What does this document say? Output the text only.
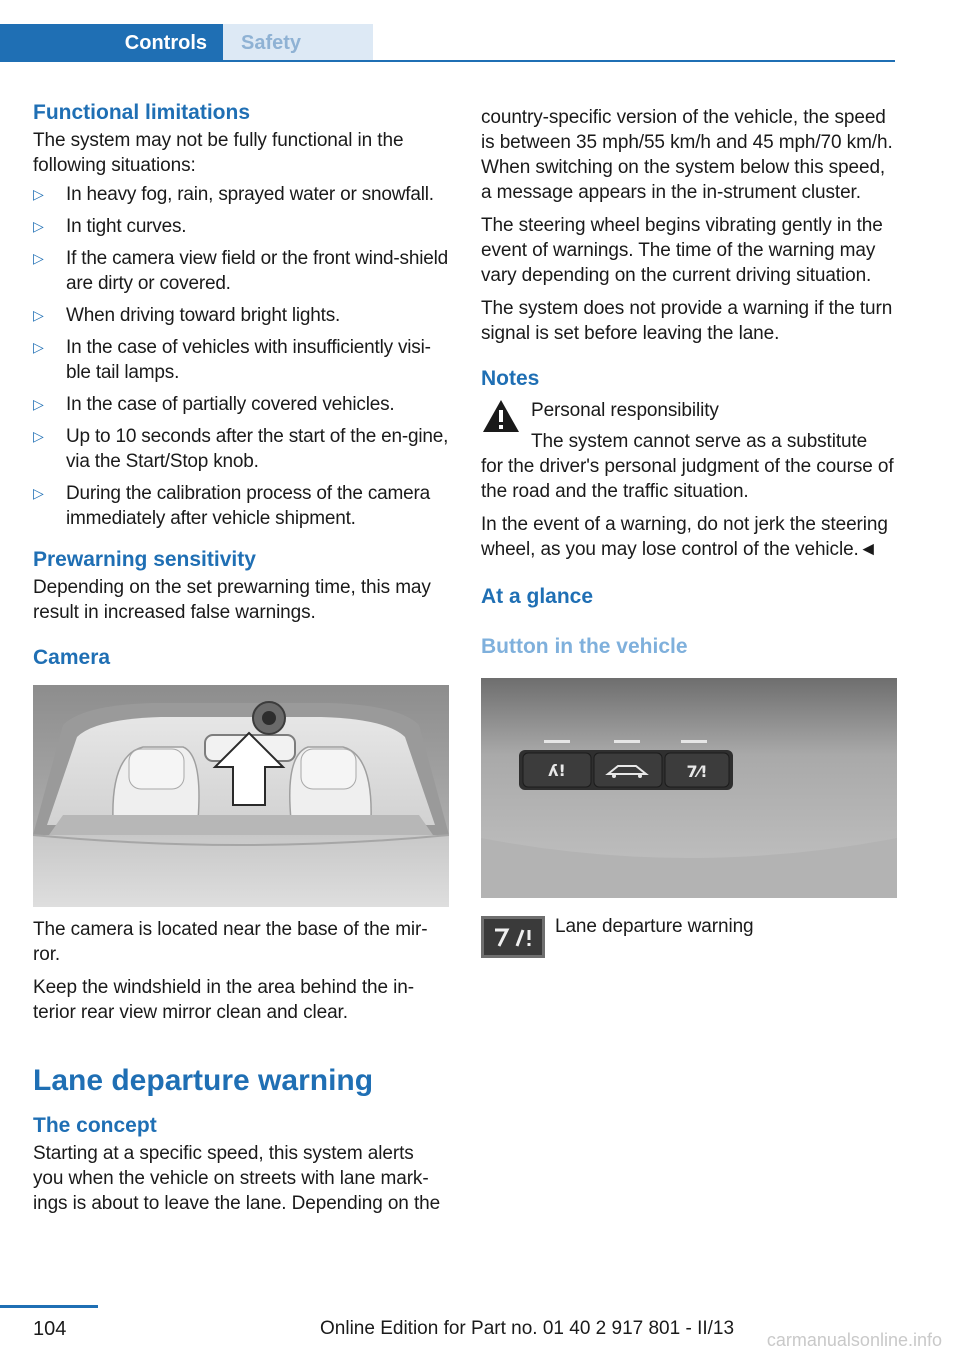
Controls	Safety
Functional limitations
The system may not be fully functional in the following situations:
▷ In heavy fog, rain, sprayed water or snowfall.
▷ In tight curves.
▷ If the camera view field or the front wind-shield are dirty or covered.
▷ When driving toward bright lights.
▷ In the case of vehicles with insufficiently visi-ble tail lamps.
▷ In the case of partially covered vehicles.
▷ Up to 10 seconds after the start of the en-gine, via the Start/Stop knob.
▷ During the calibration process of the camera immediately after vehicle shipment.
Prewarning sensitivity
Depending on the set prewarning time, this may result in increased false warnings.
Camera
The camera is located near the base of the mir-ror.
Keep the windshield in the area behind the in-terior rear view mirror clean and clear.
Lane departure warning
The concept
Starting at a specific speed, this system alerts you when the vehicle on streets with lane mark-ings is about to leave the lane. Depending on the
country-specific version of the vehicle, the speed is between 35 mph/55 km/h and 45 mph/70 km/h. When switching on the system below this speed, a message appears in the in-strument cluster.
The steering wheel begins vibrating gently in the event of warnings. The time of the warning may vary depending on the current driving situation.
The system does not provide a warning if the turn signal is set before leaving the lane.
Notes
Personal responsibility
The system cannot serve as a substitute
for the driver's personal judgment of the course of the road and the traffic situation.
In the event of a warning, do not jerk the steering wheel, as you may lose control of the vehicle.◄
At a glance
Button in the vehicle
ʎ!	7⁄!
Lane departure warning
104	Online Edition for Part no. 01 40 2 917 801 - II/13
carmanualsonline.info
